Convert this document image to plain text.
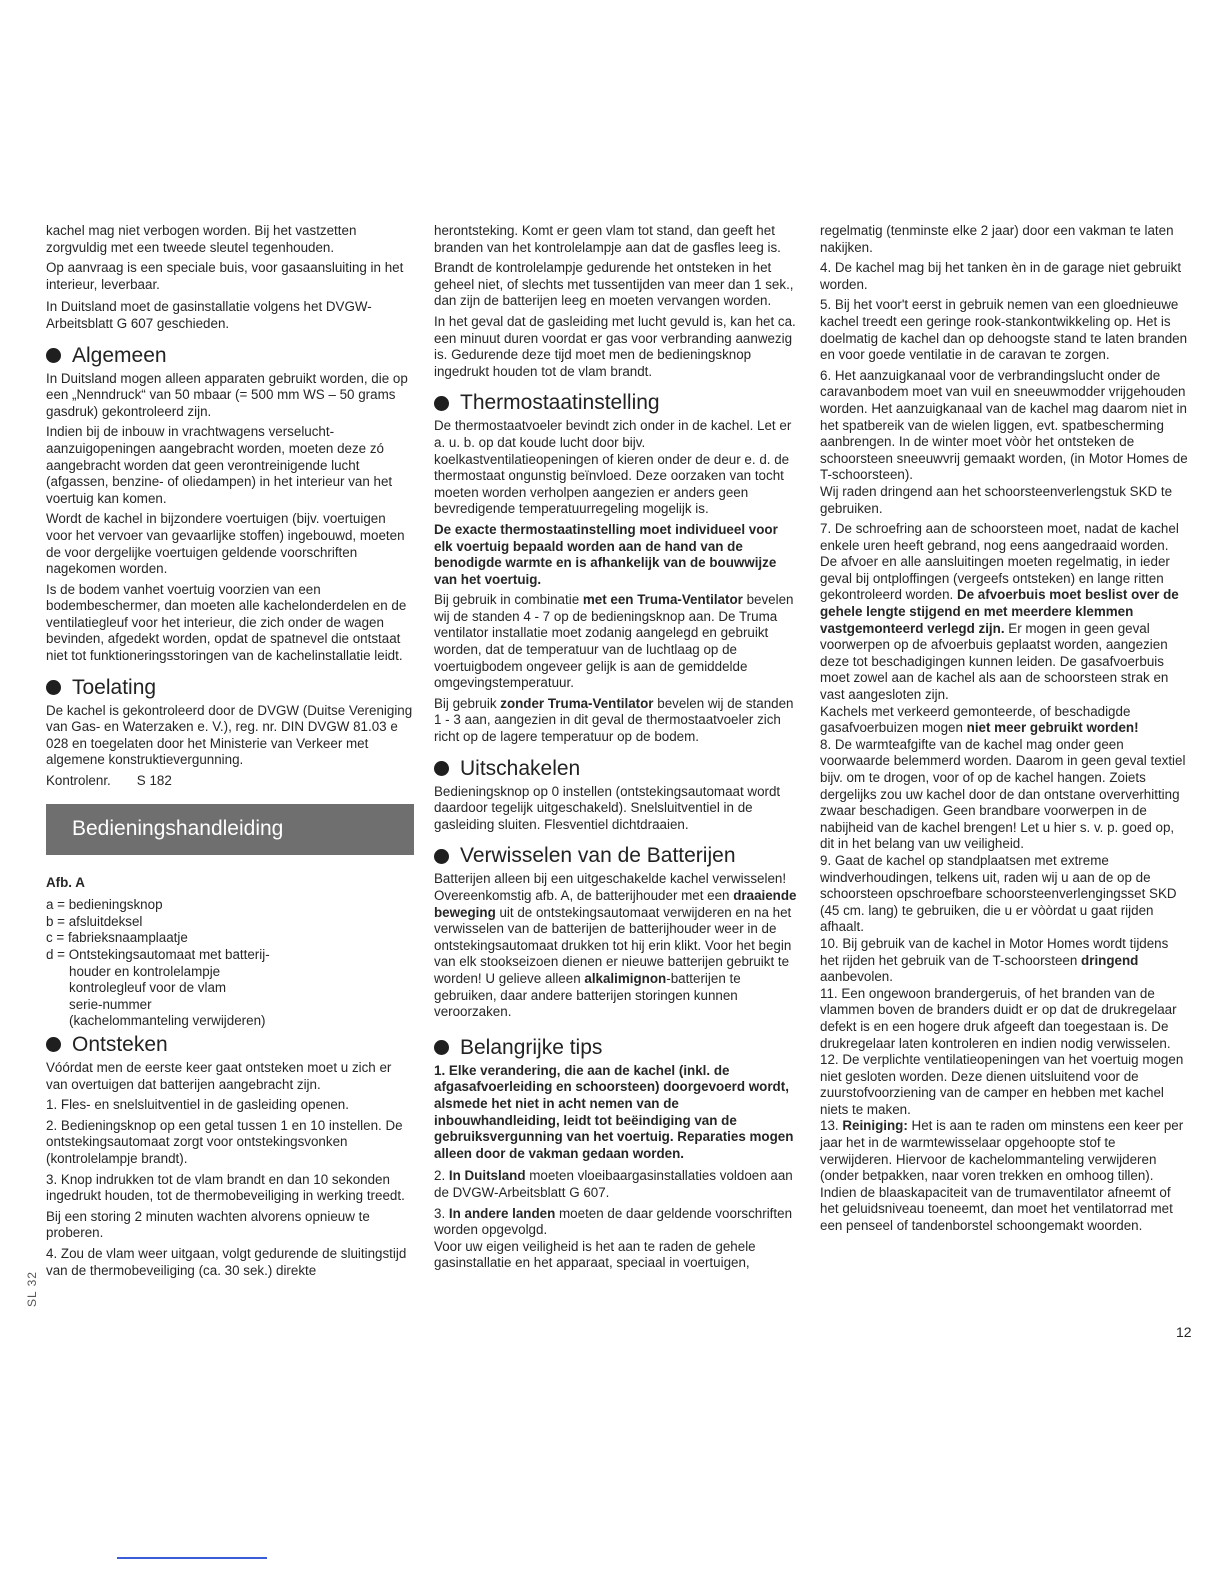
kachel mag niet verbogen worden. Bij het vastzetten zorgvuldig met een tweede sleutel tegenhouden.

Op aanvraag is een speciale buis, voor gasaansluiting in het interieur, leverbaar.

In Duitsland moet de gasinstallatie volgens het DVGW-Arbeitsblatt G 607 geschieden.

Algemeen

In Duitsland mogen alleen apparaten gebruikt worden, die op een „Nenndruck“ van 50 mbaar (= 500 mm WS – 50 grams gasdruk) gekontroleerd zijn.

Indien bij de inbouw in vrachtwagens verselucht-aanzuigopeningen aangebracht worden, moeten deze zó aangebracht worden dat geen verontreinigende lucht (afgassen, benzine- of oliedampen) in het interieur van het voertuig kan komen.

Wordt de kachel in bijzondere voertuigen (bijv. voertuigen voor het vervoer van gevaarlijke stoffen) ingebouwd, moeten de voor dergelijke voertuigen geldende voorschriften nagekomen worden.

Is de bodem vanhet voertuig voorzien van een bodembeschermer, dan moeten alle kachelonderdelen en de ventilatiegleuf voor het interieur, die zich onder de wagen bevinden, afgedekt worden, opdat de spatnevel die ontstaat niet tot funktioneringsstoringen van de kachelinstallatie leidt.

Toelating

De kachel is gekontroleerd door de DVGW (Duitse Vereniging van Gas- en Waterzaken e. V.), reg. nr. DIN DVGW 81.03 e 028 en toegelaten door het Ministerie van Verkeer met algemene konstruktievergunning.

Kontrolenr.       S 182

Bedieningshandleiding

Afb. A

a = bedieningsknop

b = afsluitdeksel

c = fabrieksnaamplaatje

d = Ontstekingsautomaat met batterij-

houder en kontrolelampje

kontrolegleuf voor de vlam

serie-nummer

(kachelommanteling verwijderen)

Ontsteken

Vóórdat men de eerste keer gaat ontsteken moet u zich er van overtuigen dat batterijen aangebracht zijn.

1. Fles- en snelsluitventiel in de gasleiding openen.

2. Bedieningsknop op een getal tussen 1 en 10 instellen. De ontstekingsautomaat zorgt voor ontstekingsvonken (kontrolelampje brandt).

3. Knop indrukken tot de vlam brandt en dan 10 sekonden ingedrukt houden, tot de thermobeveiliging in werking treedt.

Bij een storing 2 minuten wachten alvorens opnieuw te proberen.

4. Zou de vlam weer uitgaan, volgt gedurende de sluitingstijd van de thermobeveiliging (ca. 30 sek.) direkte

herontsteking. Komt er geen vlam tot stand, dan geeft het branden van het kontrolelampje aan dat de gasfles leeg is.

Brandt de kontrolelampje gedurende het ontsteken in het geheel niet, of slechts met tussentijden van meer dan 1 sek., dan zijn de batterijen leeg en moeten vervangen worden.

In het geval dat de gasleiding met lucht gevuld is, kan het ca. een minuut duren voordat er gas voor verbranding aanwezig is. Gedurende deze tijd moet men de bedieningsknop ingedrukt houden tot de vlam brandt.

Thermostaatinstelling

De thermostaatvoeler bevindt zich onder in de kachel. Let er a. u. b. op dat koude lucht door bijv. koelkastventilatieopeningen of kieren onder de deur e. d. de thermostaat ongunstig beïnvloed. Deze oorzaken van tocht moeten worden verholpen aangezien er anders geen bevredigende temperatuurregeling mogelijk is.

De exacte thermostaatinstelling moet individueel voor elk voertuig bepaald worden aan de hand van de benodigde warmte en is afhankelijk van de bouwwijze van het voertuig.

Bij gebruik in combinatie met een Truma-Ventilator bevelen wij de standen 4 - 7 op de bedieningsknop aan. De Truma ventilator installatie moet zodanig aangelegd en gebruikt worden, dat de temperatuur van de luchtlaag op de voertuigbodem ongeveer gelijk is aan de gemiddelde omgevingstemperatuur.

Bij gebruik zonder Truma-Ventilator bevelen wij de standen 1 - 3 aan, aangezien in dit geval de thermostaatvoeler zich richt op de lagere temperatuur op de bodem.

Uitschakelen

Bedieningsknop op 0 instellen (ontstekingsautomaat wordt daardoor tegelijk uitgeschakeld). Snelsluitventiel in de gasleiding sluiten. Flesventiel dichtdraaien.

Verwisselen van de Batterijen

Batterijen alleen bij een uitgeschakelde kachel verwisselen! Overeenkomstig afb. A, de batterijhouder met een draaiende beweging uit de ontstekingsautomaat verwijderen en na het verwisselen van de batterijen de batterijhouder weer in de ontstekingsautomaat drukken tot hij erin klikt. Voor het begin van elk stookseizoen dienen er nieuwe batterijen gebruikt te worden! U gelieve alleen alkalimignon-batterijen te gebruiken, daar andere batterijen storingen kunnen veroorzaken.

Belangrijke tips

1. Elke verandering, die aan de kachel (inkl. de afgasafvoerleiding en schoorsteen) doorgevoerd wordt, alsmede het niet in acht nemen van de inbouwhandleiding, leidt tot beëindiging van de gebruiksvergunning van het voertuig. Reparaties mogen alleen door de vakman gedaan worden.

2. In Duitsland moeten vloeibaargasinstallaties voldoen aan de DVGW-Arbeitsblatt G 607.

3. In andere landen moeten de daar geldende voorschriften worden opgevolgd.

Voor uw eigen veiligheid is het aan te raden de gehele gasinstallatie en het apparaat, speciaal in voertuigen,

regelmatig (tenminste elke 2 jaar) door een vakman te laten nakijken.

4. De kachel mag bij het tanken èn in de garage niet gebruikt worden.

5. Bij het voor't eerst in gebruik nemen van een gloednieuwe kachel treedt een geringe rook-stankontwikkeling op. Het is doelmatig de kachel dan op dehoogste stand te laten branden en voor goede ventilatie in de caravan te zorgen.

6. Het aanzuigkanaal voor de verbrandingslucht onder de caravanbodem moet van vuil en sneeuwmodder vrijgehouden worden. Het aanzuigkanaal van de kachel mag daarom niet in het spatbereik van de wielen liggen, evt. spatbescherming aanbrengen. In de winter moet vòòr het ontsteken de schoorsteen sneeuwvrij gemaakt worden, (in Motor Homes de T-schoorsteen).

Wij raden dringend aan het schoorsteenverlengstuk SKD te gebruiken.

7. De schroefring aan de schoorsteen moet, nadat de kachel enkele uren heeft gebrand, nog eens aangedraaid worden.

De afvoer en alle aansluitingen moeten regelmatig, in ieder geval bij ontploffingen (vergeefs ontsteken) en lange ritten gekontroleerd worden. De afvoerbuis moet beslist over de gehele lengte stijgend en met meerdere klemmen vastgemonteerd verlegd zijn. Er mogen in geen geval voorwerpen op de afvoerbuis geplaatst worden, aangezien deze tot beschadigingen kunnen leiden. De gasafvoerbuis moet zowel aan de kachel als aan de schoorsteen strak en vast aangesloten zijn.

Kachels met verkeerd gemonteerde, of beschadigde gasafvoerbuizen mogen niet meer gebruikt worden!

8. De warmteafgifte van de kachel mag onder geen voorwaarde belemmerd worden. Daarom in geen geval textiel bijv. om te drogen, voor of op de kachel hangen. Zoiets dergelijks zou uw kachel door de dan ontstane oververhitting zwaar beschadigen. Geen brandbare voorwerpen in de nabijheid van de kachel brengen! Let u hier s. v. p. goed op, dit in het belang van uw veiligheid.

9. Gaat de kachel op standplaatsen met extreme windverhoudingen, telkens uit, raden wij u aan de op de schoorsteen opschroefbare schoorsteenverlengingsset SKD (45 cm. lang) te gebruiken, die u er vòòrdat u gaat rijden afhaalt.

10. Bij gebruik van de kachel in Motor Homes wordt tijdens het rijden het gebruik van de T-schoorsteen dringend aanbevolen.

11. Een ongewoon brandergeruis, of het branden van de vlammen boven de branders duidt er op dat de drukregelaar defekt is en een hogere druk afgeeft dan toegestaan is. De drukregelaar laten kontroleren en indien nodig verwisselen.

12. De verplichte ventilatieopeningen van het voertuig mogen niet gesloten worden. Deze dienen uitsluitend voor de zuurstofvoorziening van de camper en hebben met kachel niets te maken.

13. Reiniging: Het is aan te raden om minstens een keer per jaar het in de warmtewisselaar opgehoopte stof te verwijderen. Hiervoor de kachelommanteling verwijderen (onder betpakken, naar voren trekken en omhoog tillen).

Indien de blaaskapaciteit van de trumaventilator afneemt of het geluidsniveau toeneemt, dan moet het ventilatorrad met een penseel of tandenborstel schoongemakt woorden.

SL 32
12
